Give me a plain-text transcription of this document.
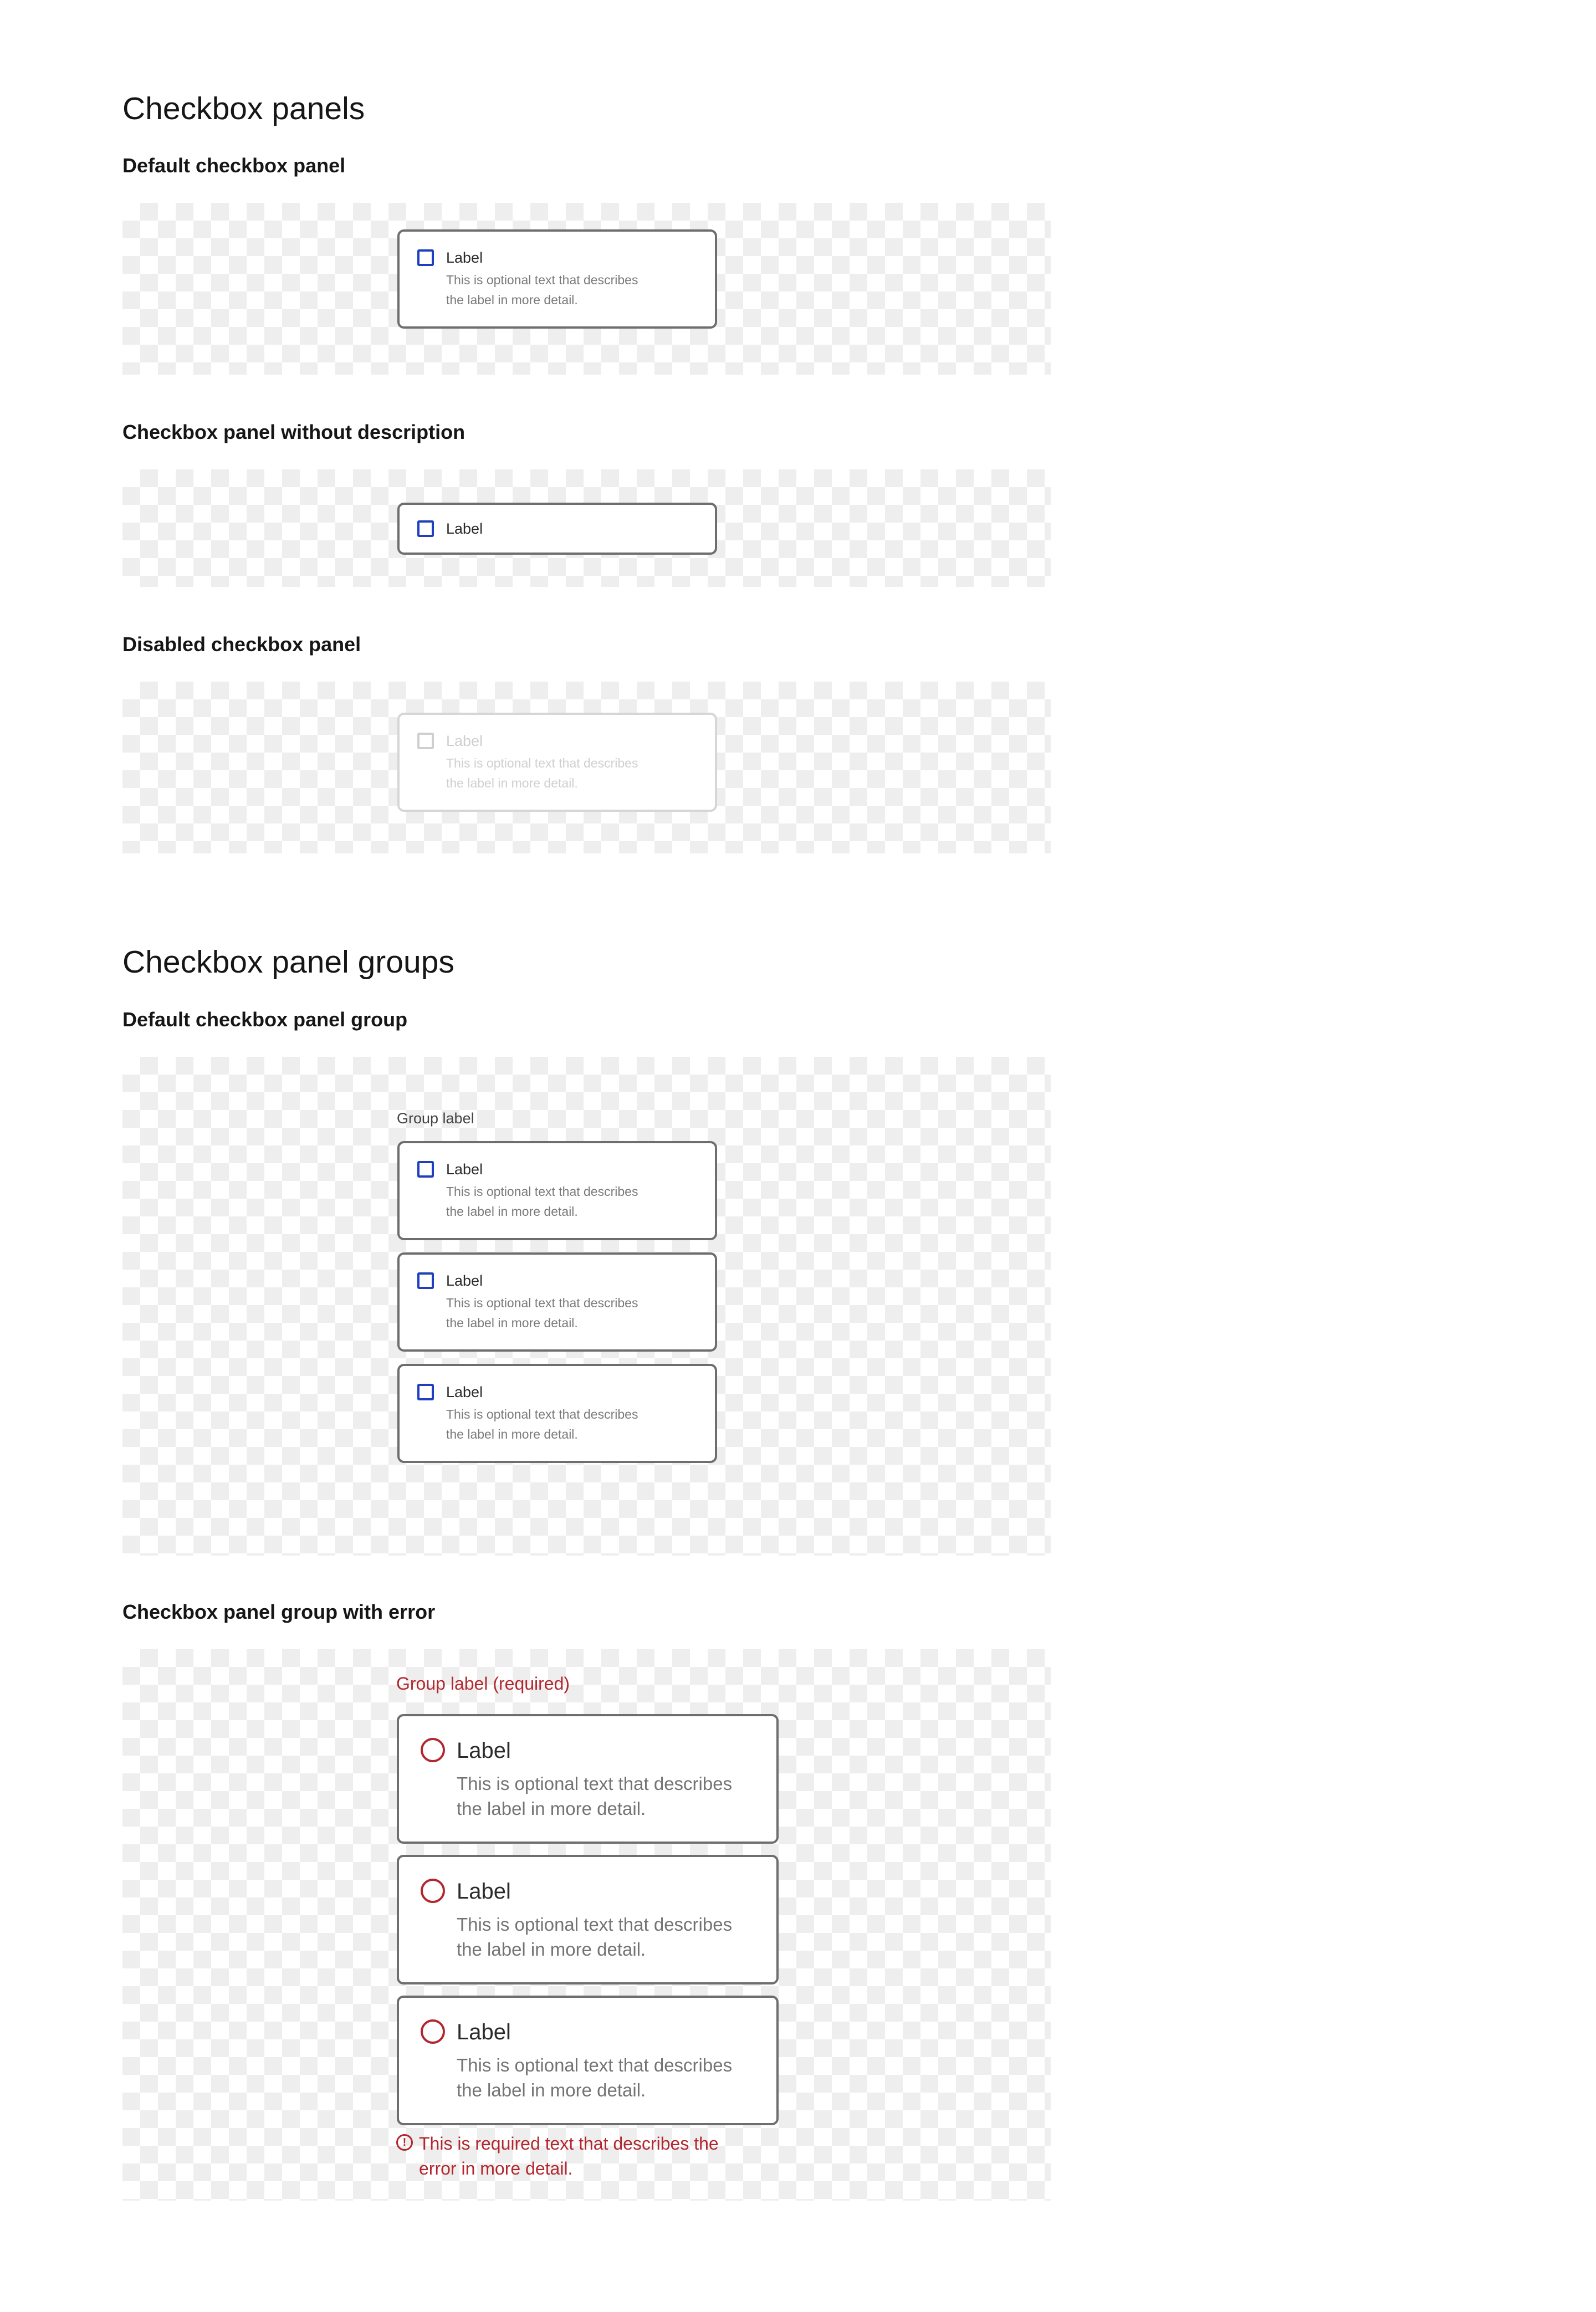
Checkbox panels
Default checkbox panel
Label
This is optional text that describes
the label in more detail.
Checkbox panel without description
Label
Disabled checkbox panel
Label
This is optional text that describes
the label in more detail.
Checkbox panel groups
Default checkbox panel group
Group label
Label
This is optional text that describes
the label in more detail.
Label
This is optional text that describes
the label in more detail.
Label
This is optional text that describes
the label in more detail.
Checkbox panel group with error
Group label (required)
Label
This is optional text that describes
the label in more detail.
Label
This is optional text that describes
the label in more detail.
Label
This is optional text that describes
the label in more detail.
! This is required text that describes the
error in more detail.
